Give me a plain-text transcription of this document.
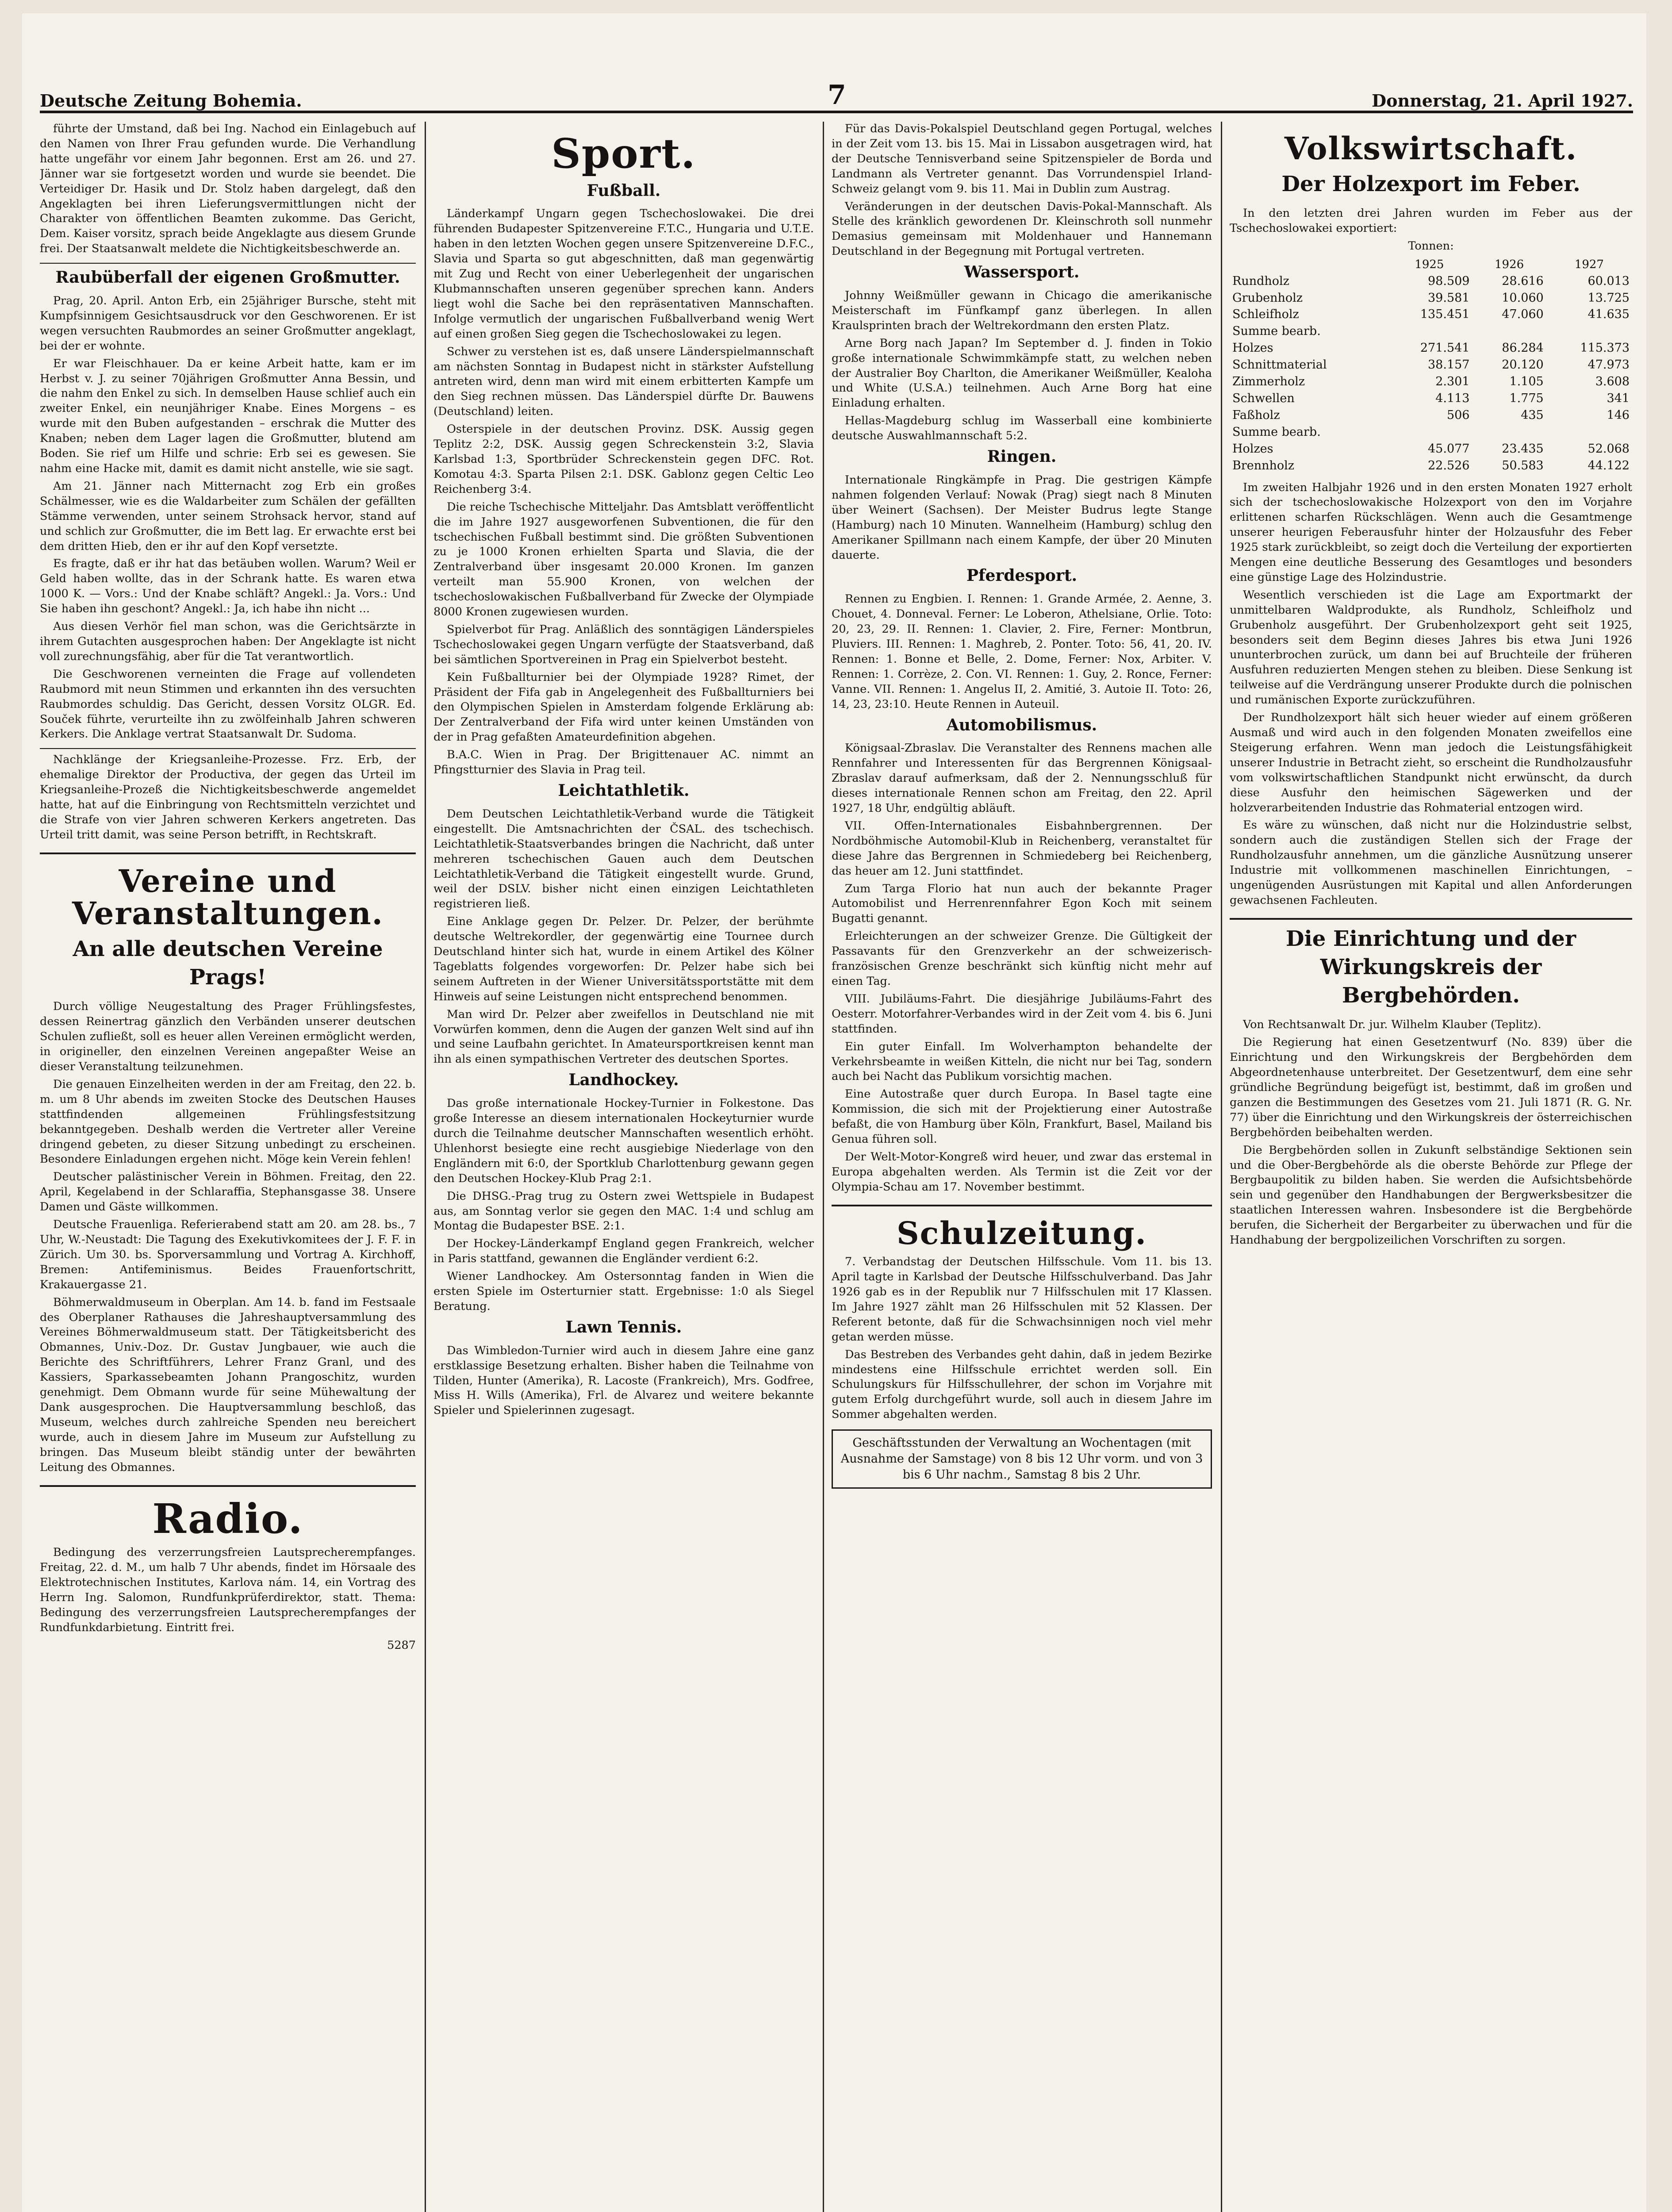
Deutsche Zeitung Bohemia.	7	Donnerstag, 21. April 1927.

führte der Umstand, daß bei Ing. Nachod ein Einlagebuch auf den Namen von Ihrer Frau gefunden wurde. Die Verhandlung hatte ungefähr vor einem Jahr begonnen. Erst am 26. und 27. Jänner war sie fortgesetzt worden und wurde sie beendet. Die Verteidiger Dr. Hasik und Dr. Stolz haben dargelegt, daß den Angeklagten bei ihren Lieferungsvermittlungen nicht der Charakter von öffentlichen Beamten zukomme. Das Gericht, Dem. Kaiser vorsitz, sprach beide Angeklagte aus diesem Grunde frei. Der Staatsanwalt meldete die Nichtigkeitsbeschwerde an.

Raubüberfall der eigenen Großmutter.

Prag, 20. April. Anton Erb, ein 25jähriger Bursche, steht mit Kumpfsinnigem Gesichtsausdruck vor den Geschworenen. Er ist wegen versuchten Raubmordes an seiner Großmutter angeklagt, bei der er wohnte.

Er war Fleischhauer. Da er keine Arbeit hatte, kam er im Herbst v. J. zu seiner 70jährigen Großmutter Anna Bessin, und die nahm den Enkel zu sich. In demselben Hause schlief auch ein zweiter Enkel, ein neunjähriger Knabe. Eines Morgens – es wurde mit den Buben aufgestanden – erschrak die Mutter des Knaben; neben dem Lager lagen die Großmutter, blutend am Boden. Sie rief um Hilfe und schrie: Erb sei es gewesen. Sie nahm eine Hacke mit, damit es damit nicht anstelle, wie sie sagt.

Am 21. Jänner nach Mitternacht zog Erb ein großes Schälmesser, wie es die Waldarbeiter zum Schälen der gefällten Stämme verwenden, unter seinem Strohsack hervor, stand auf und schlich zur Großmutter, die im Bett lag. Er erwachte erst bei dem dritten Hieb, den er ihr auf den Kopf versetzte.

Es fragte, daß er ihr hat das betäuben wollen. Warum? Weil er Geld haben wollte, das in der Schrank hatte. Es waren etwa 1000 K. — Vors.: Und der Knabe schläft? Angekl.: Ja. Vors.: Und Sie haben ihn geschont? Angekl.: Ja, ich habe ihn nicht ...

Aus diesen Verhör fiel man schon, was die Gerichtsärzte in ihrem Gutachten ausgesprochen haben: Der Angeklagte ist nicht voll zurechnungsfähig, aber für die Tat verantwortlich.

Die Geschworenen verneinten die Frage auf vollendeten Raubmord mit neun Stimmen und erkannten ihn des versuchten Raubmordes schuldig. Das Gericht, dessen Vorsitz OLGR. Ed. Souček führte, verurteilte ihn zu zwölfeinhalb Jahren schweren Kerkers. Die Anklage vertrat Staatsanwalt Dr. Sudoma.

Nachklänge der Kriegsanleihe-Prozesse. Frz. Erb, der ehemalige Direktor der Productiva, der gegen das Urteil im Kriegsanleihe-Prozeß die Nichtigkeitsbeschwerde angemeldet hatte, hat auf die Einbringung von Rechtsmitteln verzichtet und die Strafe von vier Jahren schweren Kerkers angetreten. Das Urteil tritt damit, was seine Person betrifft, in Rechtskraft.

Vereine und Veranstaltungen.
An alle deutschen Vereine Prags!

Durch völlige Neugestaltung des Prager Frühlingsfestes, dessen Reinertrag gänzlich den Verbänden unserer deutschen Schulen zufließt, soll es heuer allen Vereinen ermöglicht werden, in origineller, den einzelnen Vereinen angepaßter Weise an dieser Veranstaltung teilzunehmen.

Die genauen Einzelheiten werden in der am Freitag, den 22. b. m. um 8 Uhr abends im zweiten Stocke des Deutschen Hauses stattfindenden allgemeinen Frühlingsfestsitzung bekanntgegeben. Deshalb werden die Vertreter aller Vereine dringend gebeten, zu dieser Sitzung unbedingt zu erscheinen. Besondere Einladungen ergehen nicht. Möge kein Verein fehlen!

Deutscher palästinischer Verein in Böhmen. Freitag, den 22. April, Kegelabend in der Schlaraffia, Stephansgasse 38. Unsere Damen und Gäste willkommen.

Deutsche Frauenliga. Referierabend statt am 20. am 28. bs., 7 Uhr, W.-Neustadt: Die Tagung des Exekutivkomitees der J. F. F. in Zürich. Um 30. bs. Sporversammlung und Vortrag A. Kirchhoff, Bremen: Antifeminismus. Beides Frauenfortschritt, Krakauergasse 21.

Böhmerwaldmuseum in Oberplan. Am 14. b. fand im Festsaale des Oberplaner Rathauses die Jahreshauptversammlung des Vereines Böhmerwaldmuseum statt. Der Tätigkeitsbericht des Obmannes, Univ.-Doz. Dr. Gustav Jungbauer, wie auch die Berichte des Schriftführers, Lehrer Franz Granl, und des Kassiers, Sparkassebeamten Johann Prangoschitz, wurden genehmigt. Dem Obmann wurde für seine Mühewaltung der Dank ausgesprochen. Die Hauptversammlung beschloß, das Museum, welches durch zahlreiche Spenden neu bereichert wurde, auch in diesem Jahre im Museum zur Aufstellung zu bringen. Das Museum bleibt ständig unter der bewährten Leitung des Obmannes.

Radio.

Bedingung des verzerrungsfreien Lautsprecherempfanges. Freitag, 22. d. M., um halb 7 Uhr abends, findet im Hörsaale des Elektrotechnischen Institutes, Karlova nám. 14, ein Vortrag des Herrn Ing. Salomon, Rundfunkprüferdirektor, statt. Thema: Bedingung des verzerrungsfreien Lautsprecherempfanges der Rundfunkdarbietung. Eintritt frei.

5287
Sport.
Fußball.

Länderkampf Ungarn gegen Tschechoslowakei. Die drei führenden Budapester Spitzenvereine F.T.C., Hungaria und U.T.E. haben in den letzten Wochen gegen unsere Spitzenvereine D.F.C., Slavia und Sparta so gut abgeschnitten, daß man gegenwärtig mit Zug und Recht von einer Ueberlegenheit der ungarischen Klubmannschaften unseren gegenüber sprechen kann. Anders liegt wohl die Sache bei den repräsentativen Mannschaften. Infolge vermutlich der ungarischen Fußballverband wenig Wert auf einen großen Sieg gegen die Tschechoslowakei zu legen.

Schwer zu verstehen ist es, daß unsere Länderspielmannschaft am nächsten Sonntag in Budapest nicht in stärkster Aufstellung antreten wird, denn man wird mit einem erbitterten Kampfe um den Sieg rechnen müssen. Das Länderspiel dürfte Dr. Bauwens (Deutschland) leiten.

Osterspiele in der deutschen Provinz. DSK. Aussig gegen Teplitz 2:2, DSK. Aussig gegen Schreckenstein 3:2, Slavia Karlsbad 1:3, Sportbrüder Schreckenstein gegen DFC. Rot. Komotau 4:3. Sparta Pilsen 2:1. DSK. Gablonz gegen Celtic Leo Reichenberg 3:4.

Die reiche Tschechische Mitteljahr. Das Amtsblatt veröffentlicht die im Jahre 1927 ausgeworfenen Subventionen, die für den tschechischen Fußball bestimmt sind. Die größten Subventionen zu je 1000 Kronen erhielten Sparta und Slavia, die der Zentralverband über insgesamt 20.000 Kronen. Im ganzen verteilt man 55.900 Kronen, von welchen der tschechoslowakischen Fußballverband für Zwecke der Olympiade 8000 Kronen zugewiesen wurden.

Spielverbot für Prag. Anläßlich des sonntägigen Länderspieles Tschechoslowakei gegen Ungarn verfügte der Staatsverband, daß bei sämtlichen Sportvereinen in Prag ein Spielverbot besteht.

Kein Fußballturnier bei der Olympiade 1928? Rimet, der Präsident der Fifa gab in Angelegenheit des Fußballturniers bei den Olympischen Spielen in Amsterdam folgende Erklärung ab: Der Zentralverband der Fifa wird unter keinen Umständen von der in Prag gefaßten Amateurdefinition abgehen.

B.A.C. Wien in Prag. Der Brigittenauer AC. nimmt an Pfingstturnier des Slavia in Prag teil.

Leichtathletik.

Dem Deutschen Leichtathletik-Verband wurde die Tätigkeit eingestellt. Die Amtsnachrichten der ČSAL. des tschechisch. Leichtathletik-Staatsverbandes bringen die Nachricht, daß unter mehreren tschechischen Gauen auch dem Deutschen Leichtathletik-Verband die Tätigkeit eingestellt wurde. Grund, weil der DSLV. bisher nicht einen einzigen Leichtathleten registrieren ließ.

Eine Anklage gegen Dr. Pelzer. Dr. Pelzer, der berühmte deutsche Weltrekordler, der gegenwärtig eine Tournee durch Deutschland hinter sich hat, wurde in einem Artikel des Kölner Tageblatts folgendes vorgeworfen: Dr. Pelzer habe sich bei seinem Auftreten in der Wiener Universitätssportstätte mit dem Hinweis auf seine Leistungen nicht entsprechend benommen.

Man wird Dr. Pelzer aber zweifellos in Deutschland nie mit Vorwürfen kommen, denn die Augen der ganzen Welt sind auf ihn und seine Laufbahn gerichtet. In Amateursportkreisen kennt man ihn als einen sympathischen Vertreter des deutschen Sportes.

Landhockey.

Das große internationale Hockey-Turnier in Folkestone. Das große Interesse an diesem internationalen Hockeyturnier wurde durch die Teilnahme deutscher Mannschaften wesentlich erhöht. Uhlenhorst besiegte eine recht ausgiebige Niederlage von den Engländern mit 6:0, der Sportklub Charlottenburg gewann gegen den Deutschen Hockey-Klub Prag 2:1.

Die DHSG.-Prag trug zu Ostern zwei Wettspiele in Budapest aus, am Sonntag verlor sie gegen den MAC. 1:4 und schlug am Montag die Budapester BSE. 2:1.

Der Hockey-Länderkampf England gegen Frankreich, welcher in Paris stattfand, gewannen die Engländer verdient 6:2.

Wiener Landhockey. Am Ostersonntag fanden in Wien die ersten Spiele im Osterturnier statt. Ergebnisse: 1:0 als Siegel Beratung.

Lawn Tennis.

Das Wimbledon-Turnier wird auch in diesem Jahre eine ganz erstklassige Besetzung erhalten. Bisher haben die Teilnahme von Tilden, Hunter (Amerika), R. Lacoste (Frankreich), Mrs. Godfree, Miss H. Wills (Amerika), Frl. de Alvarez und weitere bekannte Spieler und Spielerinnen zugesagt.

Für das Davis-Pokalspiel Deutschland gegen Portugal, welches in der Zeit vom 13. bis 15. Mai in Lissabon ausgetragen wird, hat der Deutsche Tennisverband seine Spitzenspieler de Borda und Landmann als Vertreter genannt. Das Vorrundenspiel Irland-Schweiz gelangt vom 9. bis 11. Mai in Dublin zum Austrag.

Veränderungen in der deutschen Davis-Pokal-Mannschaft. Als Stelle des kränklich gewordenen Dr. Kleinschroth soll nunmehr Demasius gemeinsam mit Moldenhauer und Hannemann Deutschland in der Begegnung mit Portugal vertreten.

Wassersport.

Johnny Weißmüller gewann in Chicago die amerikanische Meisterschaft im Fünfkampf ganz überlegen. In allen Kraulsprinten brach der Weltrekordmann den ersten Platz.

Arne Borg nach Japan? Im September d. J. finden in Tokio große internationale Schwimmkämpfe statt, zu welchen neben der Australier Boy Charlton, die Amerikaner Weißmüller, Kealoha und White (U.S.A.) teilnehmen. Auch Arne Borg hat eine Einladung erhalten.

Hellas-Magdeburg schlug im Wasserball eine kombinierte deutsche Auswahlmannschaft 5:2.

Ringen.

Internationale Ringkämpfe in Prag. Die gestrigen Kämpfe nahmen folgenden Verlauf: Nowak (Prag) siegt nach 8 Minuten über Weinert (Sachsen). Der Meister Budrus legte Stange (Hamburg) nach 10 Minuten. Wannelheim (Hamburg) schlug den Amerikaner Spillmann nach einem Kampfe, der über 20 Minuten dauerte.

Pferdesport.

Rennen zu Engbien. I. Rennen: 1. Grande Armée, 2. Aenne, 3. Chouet, 4. Donneval. Ferner: Le Loberon, Athelsiane, Orlie. Toto: 20, 23, 29. II. Rennen: 1. Clavier, 2. Fire, Ferner: Montbrun, Pluviers. III. Rennen: 1. Maghreb, 2. Ponter. Toto: 56, 41, 20. IV. Rennen: 1. Bonne et Belle, 2. Dome, Ferner: Nox, Arbiter. V. Rennen: 1. Corrèze, 2. Con. VI. Rennen: 1. Guy, 2. Ronce, Ferner: Vanne. VII. Rennen: 1. Angelus II, 2. Amitié, 3. Autoie II. Toto: 26, 14, 23, 23:10. Heute Rennen in Auteuil.

Automobilismus.

Königsaal-Zbraslav. Die Veranstalter des Rennens machen alle Rennfahrer und Interessenten für das Bergrennen Königsaal-Zbraslav darauf aufmerksam, daß der 2. Nennungsschluß für dieses internationale Rennen schon am Freitag, den 22. April 1927, 18 Uhr, endgültig abläuft.

VII. Offen-Internationales Eisbahnbergrennen. Der Nordböhmische Automobil-Klub in Reichenberg, veranstaltet für diese Jahre das Bergrennen in Schmiedeberg bei Reichenberg, das heuer am 12. Juni stattfindet.

Zum Targa Florio hat nun auch der bekannte Prager Automobilist und Herrenrennfahrer Egon Koch mit seinem Bugatti genannt.

Erleichterungen an der schweizer Grenze. Die Gültigkeit der Passavants für den Grenzverkehr an der schweizerisch-französischen Grenze beschränkt sich künftig nicht mehr auf einen Tag.

VIII. Jubiläums-Fahrt. Die diesjährige Jubiläums-Fahrt des Oesterr. Motorfahrer-Verbandes wird in der Zeit vom 4. bis 6. Juni stattfinden.

Ein guter Einfall. Im Wolverhampton behandelte der Verkehrsbeamte in weißen Kitteln, die nicht nur bei Tag, sondern auch bei Nacht das Publikum vorsichtig machen.

Eine Autostraße quer durch Europa. In Basel tagte eine Kommission, die sich mit der Projektierung einer Autostraße befaßt, die von Hamburg über Köln, Frankfurt, Basel, Mailand bis Genua führen soll.

Der Welt-Motor-Kongreß wird heuer, und zwar das erstemal in Europa abgehalten werden. Als Termin ist die Zeit vor der Olympia-Schau am 17. November bestimmt.

Schulzeitung.

7. Verbandstag der Deutschen Hilfsschule. Vom 11. bis 13. April tagte in Karlsbad der Deutsche Hilfsschulverband. Das Jahr 1926 gab es in der Republik nur 7 Hilfsschulen mit 17 Klassen. Im Jahre 1927 zählt man 26 Hilfsschulen mit 52 Klassen. Der Referent betonte, daß für die Schwachsinnigen noch viel mehr getan werden müsse.

Das Bestreben des Verbandes geht dahin, daß in jedem Bezirke mindestens eine Hilfsschule errichtet werden soll. Ein Schulungskurs für Hilfsschullehrer, der schon im Vorjahre mit gutem Erfolg durchgeführt wurde, soll auch in diesem Jahre im Sommer abgehalten werden.

Geschäftsstunden der Verwaltung an Wochentagen (mit Ausnahme der Samstage) von 8 bis 12 Uhr vorm. und von 3 bis 6 Uhr nachm., Samstag 8 bis 2 Uhr.
Volkswirtschaft.
Der Holzexport im Feber.

In den letzten drei Jahren wurden im Feber aus der Tschechoslowakei exportiert:

Tonnen:
	1925	1926	1927
Rundholz	98.509	28.616	60.013
Grubenholz	39.581	10.060	13.725
Schleifholz	135.451	47.060	41.635
Summe bearb.			
Holzes	271.541	86.284	115.373
Schnittmaterial	38.157	20.120	47.973
Zimmerholz	2.301	1.105	3.608
Schwellen	4.113	1.775	341
Faßholz	506	435	146
Summe bearb.			
Holzes	45.077	23.435	52.068
Brennholz	22.526	50.583	44.122

Im zweiten Halbjahr 1926 und in den ersten Monaten 1927 erholt sich der tschechoslowakische Holzexport von den im Vorjahre erlittenen scharfen Rückschlägen. Wenn auch die Gesamtmenge unserer heurigen Feberausfuhr hinter der Holzausfuhr des Feber 1925 stark zurückbleibt, so zeigt doch die Verteilung der exportierten Mengen eine deutliche Besserung des Gesamtloges und besonders eine günstige Lage des Holzindustrie.

Wesentlich verschieden ist die Lage am Exportmarkt der unmittelbaren Waldprodukte, als Rundholz, Schleifholz und Grubenholz ausgeführt. Der Grubenholzexport geht seit 1925, besonders seit dem Beginn dieses Jahres bis etwa Juni 1926 ununterbrochen zurück, um dann bei auf Bruchteile der früheren Ausfuhren reduzierten Mengen stehen zu bleiben. Diese Senkung ist teilweise auf die Verdrängung unserer Produkte durch die polnischen und rumänischen Exporte zurückzuführen.

Der Rundholzexport hält sich heuer wieder auf einem größeren Ausmaß und wird auch in den folgenden Monaten zweifellos eine Steigerung erfahren. Wenn man jedoch die Leistungsfähigkeit unserer Industrie in Betracht zieht, so erscheint die Rundholzausfuhr vom volkswirtschaftlichen Standpunkt nicht erwünscht, da durch diese Ausfuhr den heimischen Sägewerken und der holzverarbeitenden Industrie das Rohmaterial entzogen wird.

Es wäre zu wünschen, daß nicht nur die Holzindustrie selbst, sondern auch die zuständigen Stellen sich der Frage der Rundholzausfuhr annehmen, um die gänzliche Ausnützung unserer Industrie mit vollkommenen maschinellen Einrichtungen, – ungenügenden Ausrüstungen mit Kapital und allen Anforderungen gewachsenen Fachleuten.

Die Einrichtung und der Wirkungskreis der Bergbehörden.

Von Rechtsanwalt Dr. jur. Wilhelm Klauber (Teplitz).

Die Regierung hat einen Gesetzentwurf (No. 839) über die Einrichtung und den Wirkungskreis der Bergbehörden dem Abgeordnetenhause unterbreitet. Der Gesetzentwurf, dem eine sehr gründliche Begründung beigefügt ist, bestimmt, daß im großen und ganzen die Bestimmungen des Gesetzes vom 21. Juli 1871 (R. G. Nr. 77) über die Einrichtung und den Wirkungskreis der österreichischen Bergbehörden beibehalten werden.

Die Bergbehörden sollen in Zukunft selbständige Sektionen sein und die Ober-Bergbehörde als die oberste Behörde zur Pflege der Bergbaupolitik zu bilden haben. Sie werden die Aufsichtsbehörde sein und gegenüber den Handhabungen der Bergwerksbesitzer die staatlichen Interessen wahren. Insbesondere ist die Bergbehörde berufen, die Sicherheit der Bergarbeiter zu überwachen und für die Handhabung der bergpolizeilichen Vorschriften zu sorgen.
